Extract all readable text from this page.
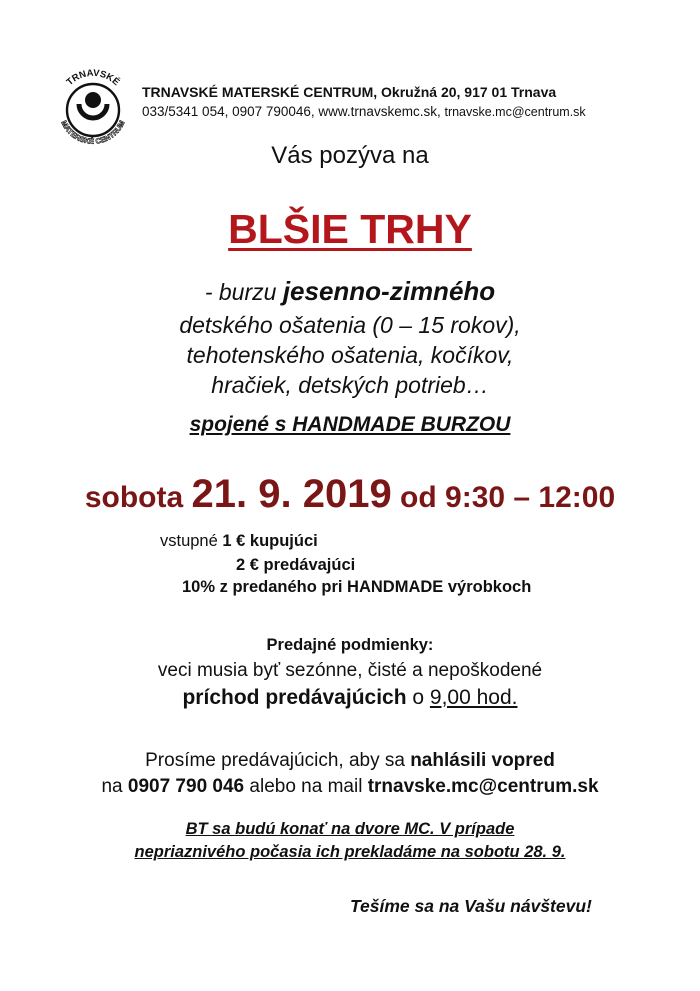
TRNAVSKÉ
MATERSKÉ CENTRUM
TRNAVSKÉ MATERSKÉ CENTRUM, Okružná 20, 917 01 Trnava
033/5341 054, 0907 790046, www.trnavskemc.sk, trnavske.mc@centrum.sk
Vás pozýva na
BLŠIE TRHY
- burzu jesenno-zimného
detského ošatenia (0 – 15 rokov),
tehotenského ošatenia, kočíkov,
hračiek, detských potrieb…
spojené s HANDMADE BURZOU
sobota 21. 9. 2019 od 9:30 – 12:00
vstupné 1 € kupujúci
2 € predávajúci
10% z predaného pri HANDMADE výrobkoch
Predajné podmienky:
veci musia byť sezónne, čisté a nepoškodené
príchod predávajúcich o 9,00 hod.
Prosíme predávajúcich, aby sa nahlásili vopred
na 0907 790 046 alebo na mail trnavske.mc@centrum.sk
BT sa budú konať na dvore MC. V prípade
nepriaznivého počasia ich prekladáme na sobotu 28. 9.
Tešíme sa na Vašu návštevu!
